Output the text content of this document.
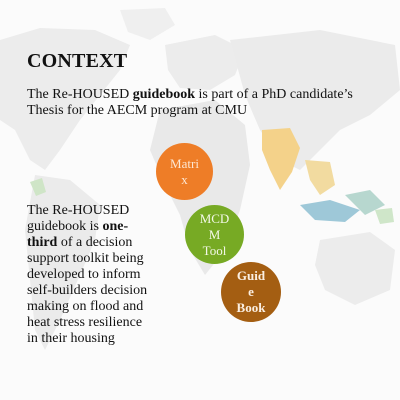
CONTEXT

The Re-HOUSED guidebook is part of a PhD candidate’s Thesis for the AECM program at CMU

The Re-HOUSED guidebook is one-third of a decision support toolkit being developed to inform self-builders decision making on flood and heat stress resilience in their housing

Matri
x
MCD
M
Tool
Guid
e
Book
